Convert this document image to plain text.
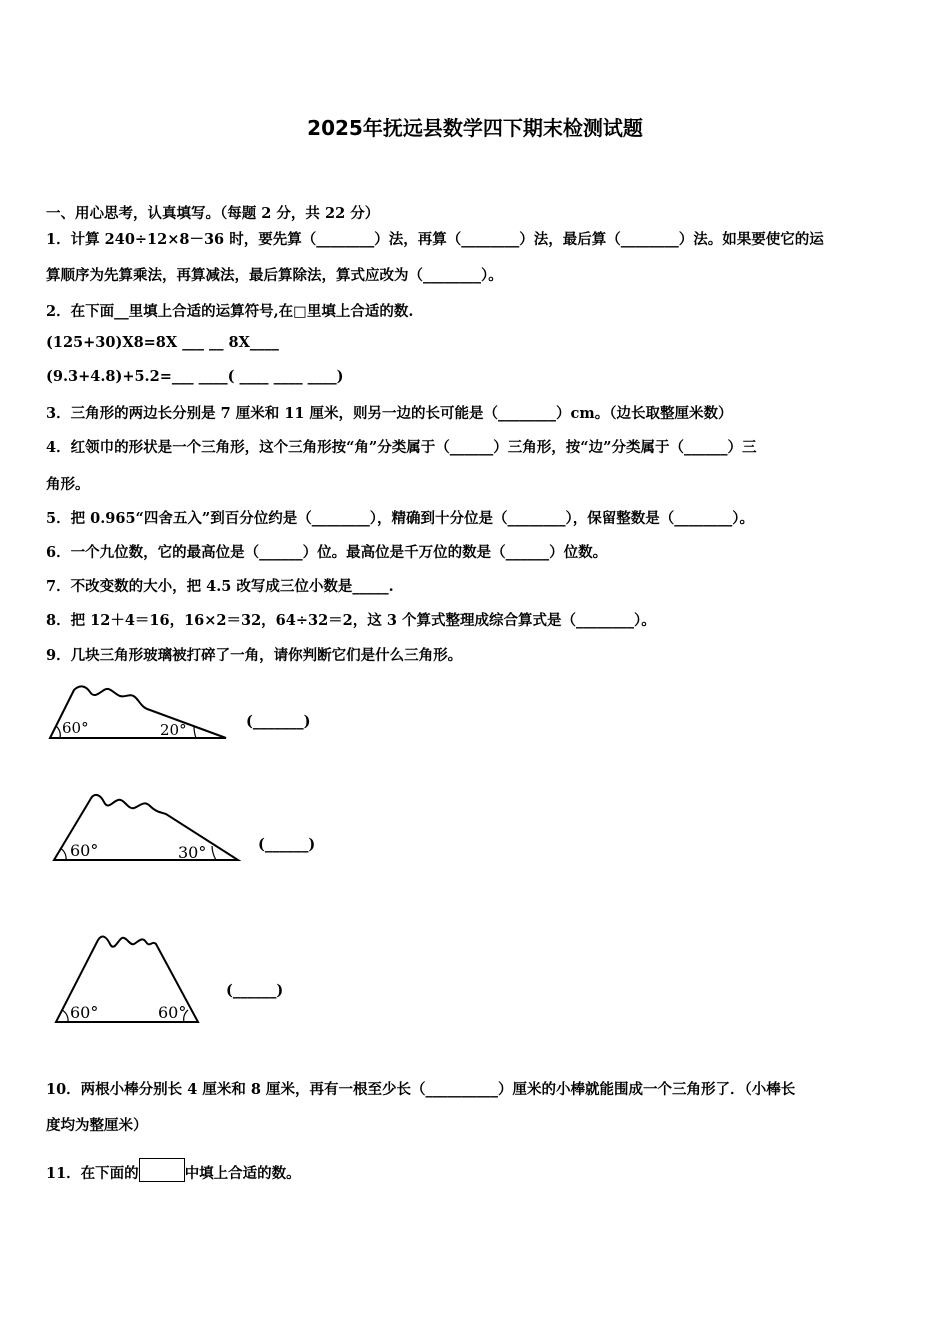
2025年抚远县数学四下期末检测试题
一、用心思考，认真填写。（每题 2 分，共 22 分）
1．计算 240÷12×8－36 时，要先算（________）法，再算（________）法，最后算（________）法。如果要使它的运
算顺序为先算乘法，再算减法，最后算除法，算式应改为（________）。
2．在下面__里填上合适的运算符号,在□里填上合适的数.
(125+30)X8=8X ___ __ 8X____
(9.3+4.8)+5.2=___ ____( ____ ____ ____)
3．三角形的两边长分别是 7 厘米和 11 厘米，则另一边的长可能是（________）cm。（边长取整厘米数）
4．红领巾的形状是一个三角形，这个三角形按“角”分类属于（______）三角形，按“边”分类属于（______）三
角形。
5．把 0.965“四舍五入”到百分位约是（________），精确到十分位是（________），保留整数是（________）。
6．一个九位数，它的最高位是（______）位。最高位是千万位的数是（______）位数。
7．不改变数的大小，把 4.5 改写成三位小数是_____.
8．把 12＋4＝16，16×2＝32，64÷32＝2，这 3 个算式整理成综合算式是（________）。
9．几块三角形玻璃被打碎了一角，请你判断它们是什么三角形。
60°	20°	(_______)
60°	30°	(______)
60°	60°
(______)
10．两根小棒分别长 4 厘米和 8 厘米，再有一根至少长（__________）厘米的小棒就能围成一个三角形了．（小棒长
度均为整厘米）
11．在下面的	中填上合适的数。
